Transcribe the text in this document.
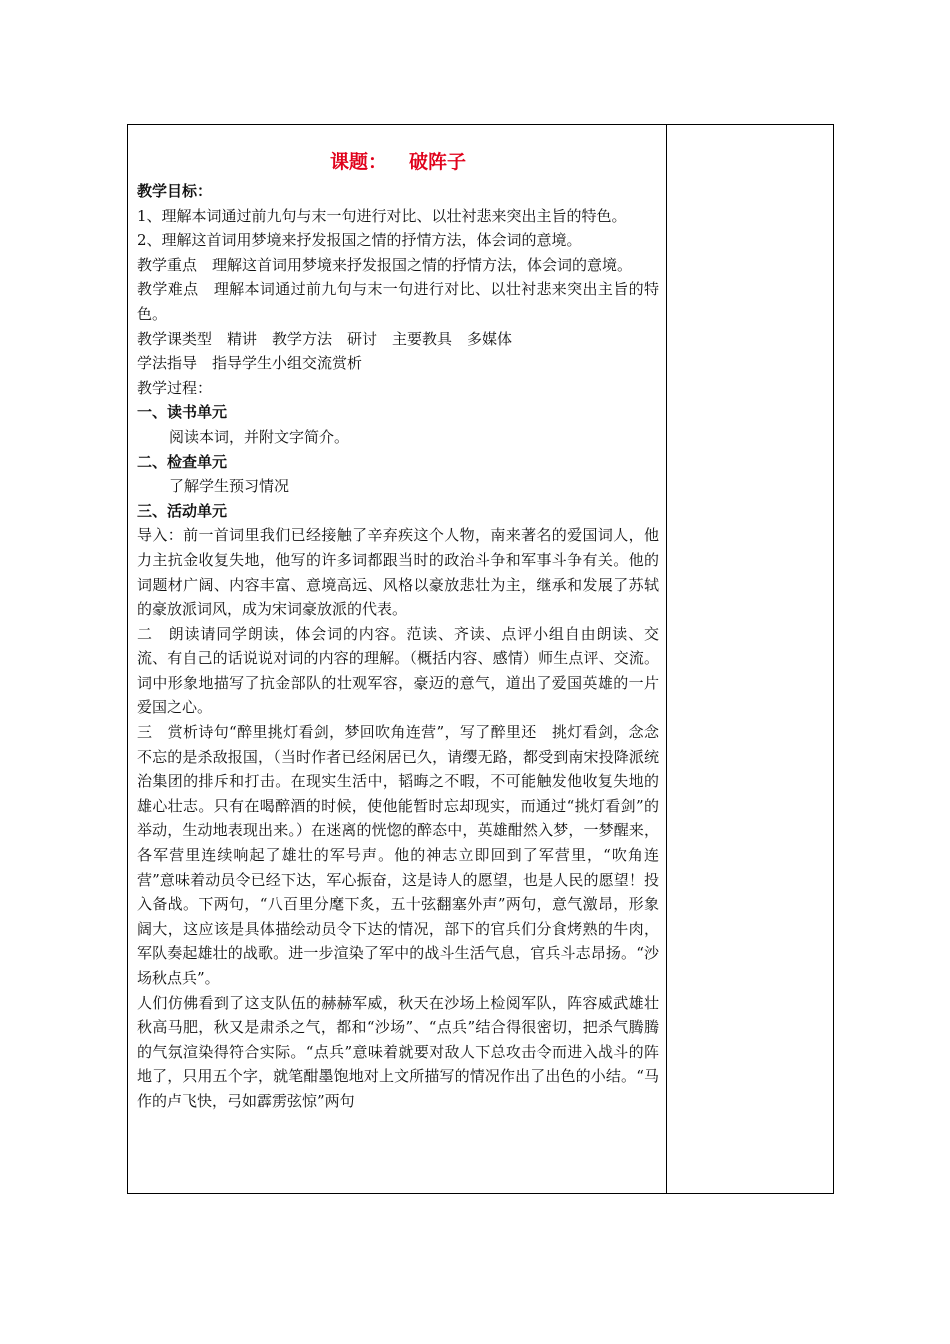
课题： 破阵子

教学目标：

1、理解本词通过前九句与末一句进行对比、以壮衬悲来突出主旨的特色。

2、理解这首词用梦境来抒发报国之情的抒情方法，体会词的意境。

教学重点　理解这首词用梦境来抒发报国之情的抒情方法，体会词的意境。

教学难点　理解本词通过前九句与末一句进行对比、以壮衬悲来突出主旨的特色。

教学课类型　精讲　教学方法　研讨　主要教具　多媒体

学法指导　指导学生小组交流赏析

教学过程：

一、读书单元

阅读本词，并附文字简介。

二、检查单元

了解学生预习情况

三、活动单元

导入：前一首词里我们已经接触了辛弃疾这个人物，南来著名的爱国词人，他力主抗金收复失地，他写的许多词都跟当时的政治斗争和军事斗争有关。他的词题材广阔、内容丰富、意境高远、风格以豪放悲壮为主，继承和发展了苏轼的豪放派词风，成为宋词豪放派的代表。

二　朗读请同学朗读，体会词的内容。范读、齐读、点评小组自由朗读、交流、有自己的话说说对词的内容的理解。（概括内容、感情）师生点评、交流。词中形象地描写了抗金部队的壮观军容，豪迈的意气，道出了爱国英雄的一片爱国之心。

三　赏析诗句“醉里挑灯看剑，梦回吹角连营”，写了醉里还　挑灯看剑，念念不忘的是杀敌报国，（当时作者已经闲居已久，请缨无路，都受到南宋投降派统治集团的排斥和打击。在现实生活中，韬晦之不暇，不可能触发他收复失地的雄心壮志。只有在喝醉酒的时候，使他能暂时忘却现实，而通过“挑灯看剑”的举动，生动地表现出来。）在迷离的恍惚的醉态中，英雄酣然入梦，一梦醒来，各军营里连续响起了雄壮的军号声。他的神志立即回到了军营里，“吹角连营”意味着动员令已经下达，军心振奋，这是诗人的愿望，也是人民的愿望！投入备战。下两句，“八百里分麾下炙，五十弦翻塞外声”两句，意气激昂，形象阔大，这应该是具体描绘动员令下达的情况，部下的官兵们分食烤熟的牛肉，军队奏起雄壮的战歌。进一步渲染了军中的战斗生活气息，官兵斗志昂扬。“沙场秋点兵”。

人们仿佛看到了这支队伍的赫赫军威，秋天在沙场上检阅军队，阵容威武雄壮秋高马肥，秋又是肃杀之气，都和“沙场”、“点兵”结合得很密切，把杀气腾腾的气氛渲染得符合实际。“点兵”意味着就要对敌人下总攻击令而进入战斗的阵地了，只用五个字，就笔酣墨饱地对上文所描写的情况作出了出色的小结。“马作的卢飞快，弓如霹雳弦惊”两句
